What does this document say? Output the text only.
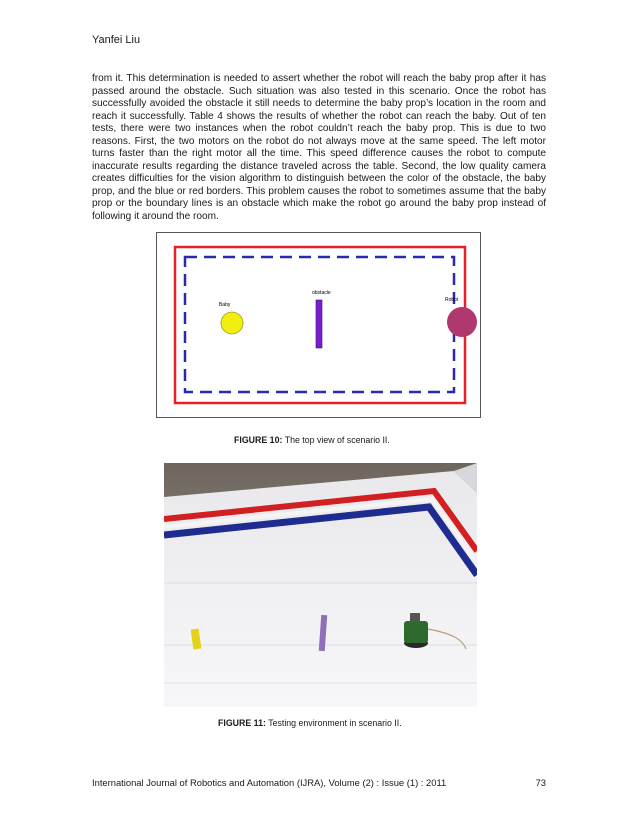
Yanfei Liu
from it. This determination is needed to assert whether the robot will reach the baby prop after it has passed around the obstacle. Such situation was also tested in this scenario. Once the robot has successfully avoided the obstacle it still needs to determine the baby prop’s location in the room and reach it successfully. Table 4 shows the results of whether the robot can reach the baby. Out of ten tests, there were two instances when the robot couldn’t reach the baby prop. This is due to two reasons. First, the two motors on the robot do not always move at the same speed. The left motor turns faster than the right motor all the time. This speed difference causes the robot to compute inaccurate results regarding the distance traveled across the table. Second, the low quality camera creates difficulties for the vision algorithm to distinguish between the color of the obstacle, the baby prop, and the blue or red borders. This problem causes the robot to sometimes assume that the baby prop or the boundary lines is an obstacle which make the robot go around the baby prop instead of following it around the room.
Baby
obstacle
Robot
FIGURE 10: The top view of scenario II.
FIGURE 11: Testing environment in scenario II.
International Journal of Robotics and Automation (IJRA), Volume (2) : Issue (1) : 2011	73
